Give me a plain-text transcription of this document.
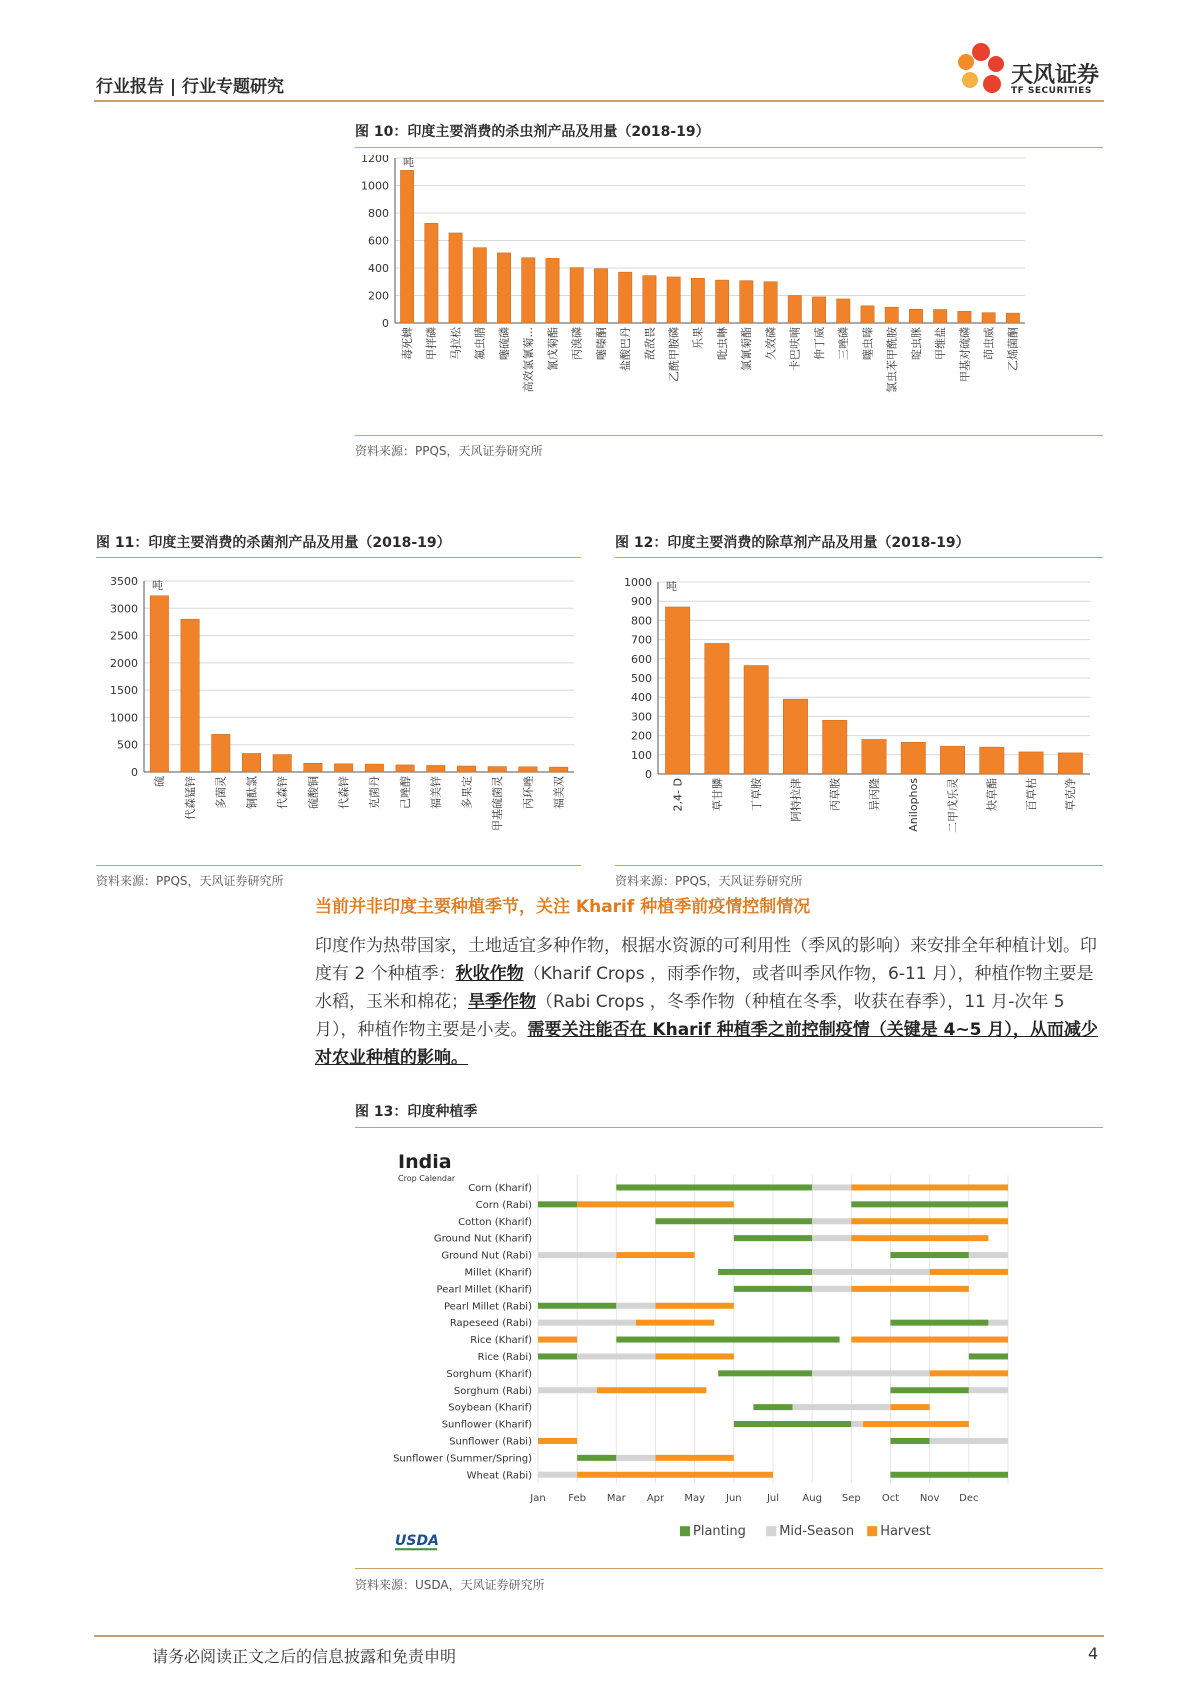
行业报告 | 行业专题研究	天风证券
TF SECURITIES
图 10：印度主要消费的杀虫剂产品及用量（2018-19）
0
200
400
600
800
1000
1200 吨
毒死蜱 甲拌磷 马拉松 氟虫腈 噻硫磷 高效氯氰菊... 氰戊菊酯 丙溴磷 噻嗪酮 盐酸巴丹 敌敌畏 乙酰甲胺磷 乐果 吡虫啉 氯氰菊酯 久效磷 卡巴呋喃 仲丁威 三唑磷 噻虫嗪 氯虫苯甲酰胺 啶虫脒 甲维盐 甲基对硫磷 茚虫威 乙烯菌酮
资料来源：PPQS，天风证券研究所
图 11：印度主要消费的杀菌剂产品及用量（2018-19）
0
500
1000
1500
2000
2500
3000
3500 吨
硫 代森锰锌 多菌灵 铜酞氯 代森锌 硫酸铜 代森锌 克菌丹 己唑醇 福美锌 多果定 甲基硫菌灵 丙环唑 福美双
资料来源：PPQS，天风证券研究所
图 12：印度主要消费的除草剂产品及用量（2018-19）
0
100
200
300
400
500
600
700
800
900
1000 吨
2,4- D 草甘膦 丁草胺 阿特拉津 丙草胺 异丙隆 Anilophos 二甲戊乐灵 炔草酯 百草枯 草克净
资料来源：PPQS，天风证券研究所
当前并非印度主要种植季节，关注 Kharif 种植季前疫情控制情况
印度作为热带国家，土地适宜多种作物，根据水资源的可利用性（季风的影响）来安排全年种植计划。印度有 2 个种植季：秋收作物（Kharif Crops ，雨季作物，或者叫季风作物，6-11 月），种植作物主要是水稻，玉米和棉花；旱季作物（Rabi Crops ，冬季作物（种植在冬季，收获在春季），11 月-次年 5 月），种植作物主要是小麦。需要关注能否在 Kharif 种植季之前控制疫情（关键是 4~5 月），从而减少对农业种植的影响。
图 13：印度种植季
India
Crop Calendar
Corn (Kharif)
Corn (Rabi)
Cotton (Kharif)
Ground Nut (Kharif)
Ground Nut (Rabi)
Millet (Kharif)
Pearl Millet (Kharif)
Pearl Millet (Rabi)
Rapeseed (Rabi)
Rice (Kharif)
Rice (Rabi)
Sorghum (Kharif)
Sorghum (Rabi)
Soybean (Kharif)
Sunflower (Kharif)
Sunflower (Rabi)
Sunflower (Summer/Spring)
Wheat (Rabi)
Jan Feb Mar Apr May Jun	Jul Aug Sep Oct Nov Dec
Planting	Mid-Season Harvest
USDA
资料来源：USDA，天风证券研究所
请务必阅读正文之后的信息披露和免责申明	4
